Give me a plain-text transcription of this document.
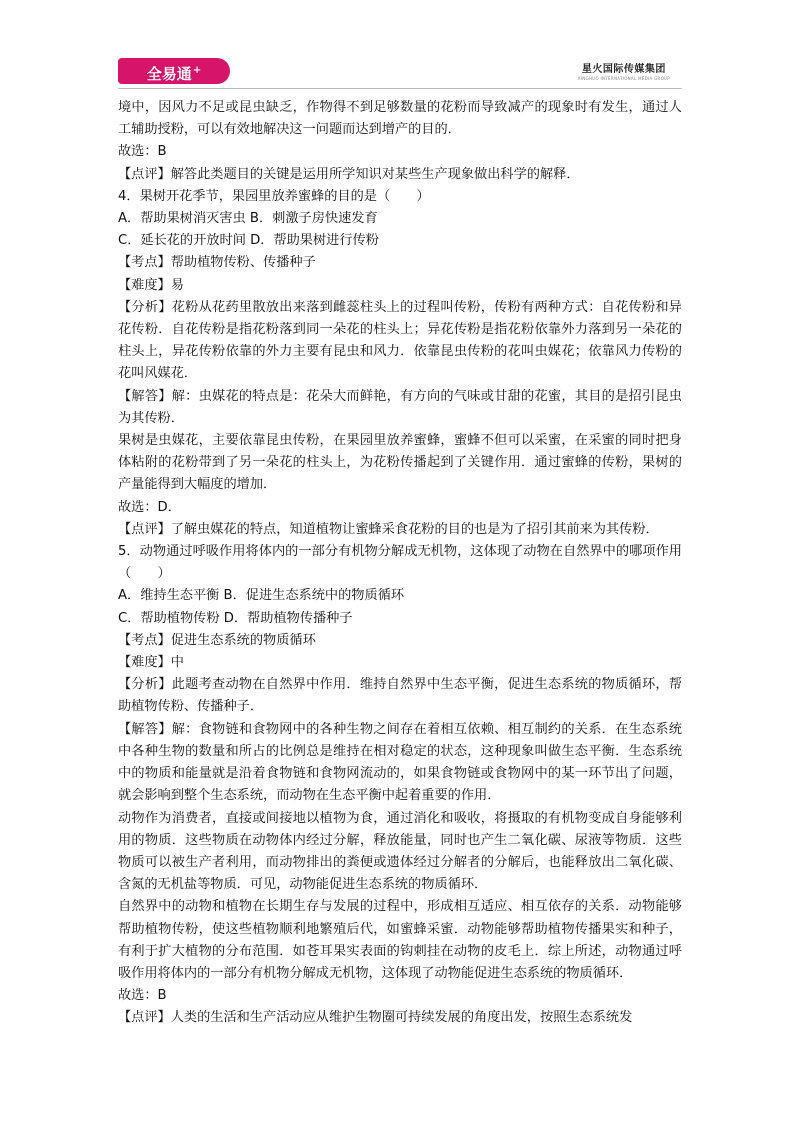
全易通+	星火国际传媒集团
XINGHUO INTERNATIONAL MEDIA GROUP

境中，因风力不足或昆虫缺乏，作物得不到足够数量的花粉而导致减产的现象时有发生，通过人工辅助授粉，可以有效地解决这一问题而达到增产的目的．

故选：B

【点评】解答此类题目的关键是运用所学知识对某些生产现象做出科学的解释．

4．果树开花季节，果园里放养蜜蜂的目的是（　　）

A．帮助果树消灭害虫 B．刺激子房快速发育

C．延长花的开放时间 D．帮助果树进行传粉

【考点】帮助植物传粉、传播种子

【难度】易

【分析】花粉从花药里散放出来落到雌蕊柱头上的过程叫传粉，传粉有两种方式：自花传粉和异花传粉．自花传粉是指花粉落到同一朵花的柱头上；异花传粉是指花粉依靠外力落到另一朵花的柱头上，异花传粉依靠的外力主要有昆虫和风力．依靠昆虫传粉的花叫虫媒花；依靠风力传粉的花叫风媒花．

【解答】解：虫媒花的特点是：花朵大而鲜艳，有方向的气味或甘甜的花蜜，其目的是招引昆虫为其传粉．

果树是虫媒花，主要依靠昆虫传粉，在果园里放养蜜蜂，蜜蜂不但可以采蜜，在采蜜的同时把身体粘附的花粉带到了另一朵花的柱头上，为花粉传播起到了关键作用．通过蜜蜂的传粉，果树的产量能得到大幅度的增加．

故选：D．

【点评】了解虫媒花的特点，知道植物让蜜蜂采食花粉的目的也是为了招引其前来为其传粉．

5．动物通过呼吸作用将体内的一部分有机物分解成无机物，这体现了动物在自然界中的哪项作用（　　）

A．维持生态平衡 B．促进生态系统中的物质循环

C．帮助植物传粉 D．帮助植物传播种子

【考点】促进生态系统的物质循环

【难度】中

【分析】此题考查动物在自然界中作用．维持自然界中生态平衡，促进生态系统的物质循环，帮助植物传粉、传播种子．

【解答】解：食物链和食物网中的各种生物之间存在着相互依赖、相互制约的关系．在生态系统中各种生物的数量和所占的比例总是维持在相对稳定的状态，这种现象叫做生态平衡．生态系统中的物质和能量就是沿着食物链和食物网流动的，如果食物链或食物网中的某一环节出了问题，就会影响到整个生态系统，而动物在生态平衡中起着重要的作用．

动物作为消费者，直接或间接地以植物为食，通过消化和吸收，将摄取的有机物变成自身能够利用的物质．这些物质在动物体内经过分解，释放能量，同时也产生二氧化碳、尿液等物质．这些物质可以被生产者利用，而动物排出的粪便或遗体经过分解者的分解后，也能释放出二氧化碳、含氮的无机盐等物质．可见，动物能促进生态系统的物质循环．

自然界中的动物和植物在长期生存与发展的过程中，形成相互适应、相互依存的关系．动物能够帮助植物传粉，使这些植物顺利地繁殖后代，如蜜蜂采蜜．动物能够帮助植物传播果实和种子，有利于扩大植物的分布范围．如苍耳果实表面的钩刺挂在动物的皮毛上．综上所述，动物通过呼吸作用将体内的一部分有机物分解成无机物，这体现了动物能促进生态系统的物质循环．

故选：B

【点评】人类的生活和生产活动应从维护生物圈可持续发展的角度出发，按照生态系统发
